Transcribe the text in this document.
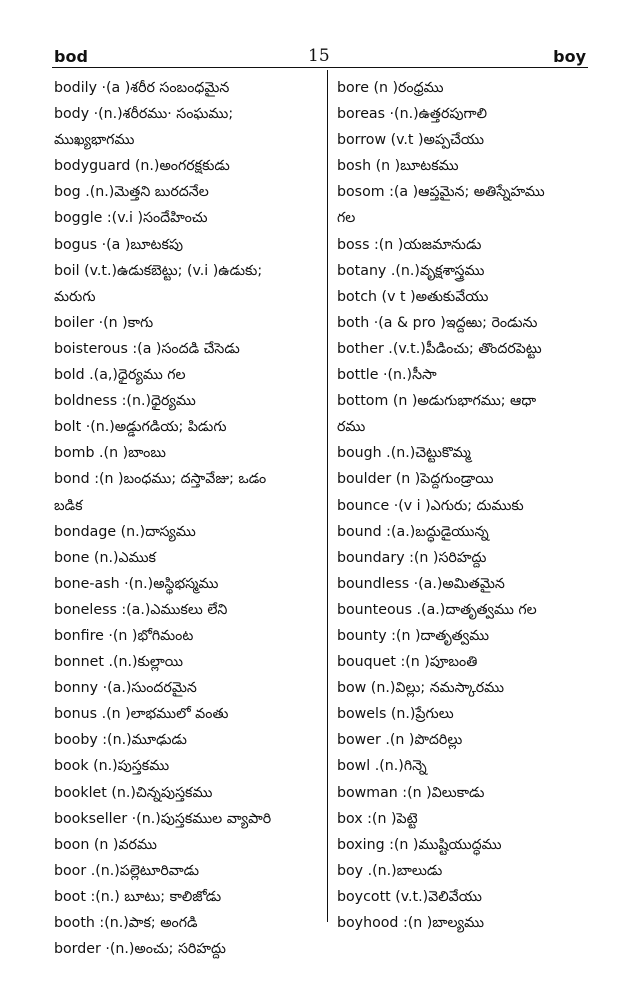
bod	15	boy
bodily ·(a )శరీర సంబంధమైన
body ·(n.)శరీరము· సంఘము;
ముఖ్యభాగము
bodyguard (n.)అంగరక్షకుడు
bog .(n.)మెత్తని బురదనేల
boggle :(v.i )సందేహించు
bogus ·(a )బూటకపు
boil (v.t.)ఉడుకబెట్టు; (v.i )ఉడుకు;
మరుగు
boiler ·(n )కాగు
boisterous :(a )సందడి చేసెడు
bold .(a,)ధైర్యము గల
boldness :(n.)ధైర్యము
bolt ·(n.)అడ్డుగడియ; పిడుగు
bomb .(n )బాంబు
bond :(n )బంధము; దస్తావేజు; ఒడం
బడిక
bondage (n.)దాస్యము
bone (n.)ఎముక
bone-ash ·(n.)అస్థిభస్మము
boneless :(a.)ఎముకలు లేని
bonfire ·(n )భోగిమంట
bonnet .(n.)కుల్లాయి
bonny ·(a.)సుందరమైన
bonus .(n )లాభములో వంతు
booby :(n.)మూఢుడు
book (n.)పుస్తకము
booklet (n.)చిన్నపుస్తకము
bookseller ·(n.)పుస్తకముల వ్యాపారి
boon (n )వరము
boor .(n.)పల్లెటూరివాడు
boot :(n.) బూటు; కాలిజోడు
booth :(n.)పాక; అంగడి
border ·(n.)అంచు; సరిహద్దు
bore (n )రంధ్రము
boreas ·(n.)ఉత్తరపుగాలి
borrow (v.t )అప్పచేయు
bosh (n )బూటకము
bosom :(a )ఆప్తమైన; అతిస్నేహము
గల
boss :(n )యజమానుడు
botany .(n.)వృక్షశాస్త్రము
botch (v t )అతుకువేయు
both ·(a & pro )ఇద్దఱు; రెండును
bother .(v.t.)పీడించు; తొందరపెట్టు
bottle ·(n.)సీసా
bottom (n )అడుగుభాగము; ఆధా
రము
bough .(n.)చెట్టుకొమ్మ
boulder (n )పెద్దగుండ్రాయి
bounce ·(v i )ఎగురు; దుముకు
bound :(a.)బద్ధుడైయున్న
boundary :(n )సరిహద్దు
boundless ·(a.)అమితమైన
bounteous .(a.)దాతృత్వము గల
bounty :(n )దాతృత్వము
bouquet :(n )పూబంతి
bow (n.)విల్లు; నమస్కారము
bowels (n.)ప్రేగులు
bower .(n )పొదరిల్లు
bowl .(n.)గిన్నె
bowman :(n )విలుకాడు
box :(n )పెట్టె
boxing :(n )ముష్టియుద్ధము
boy .(n.)బాలుడు
boycott (v.t.)వెలివేయు
boyhood :(n )బాల్యము
